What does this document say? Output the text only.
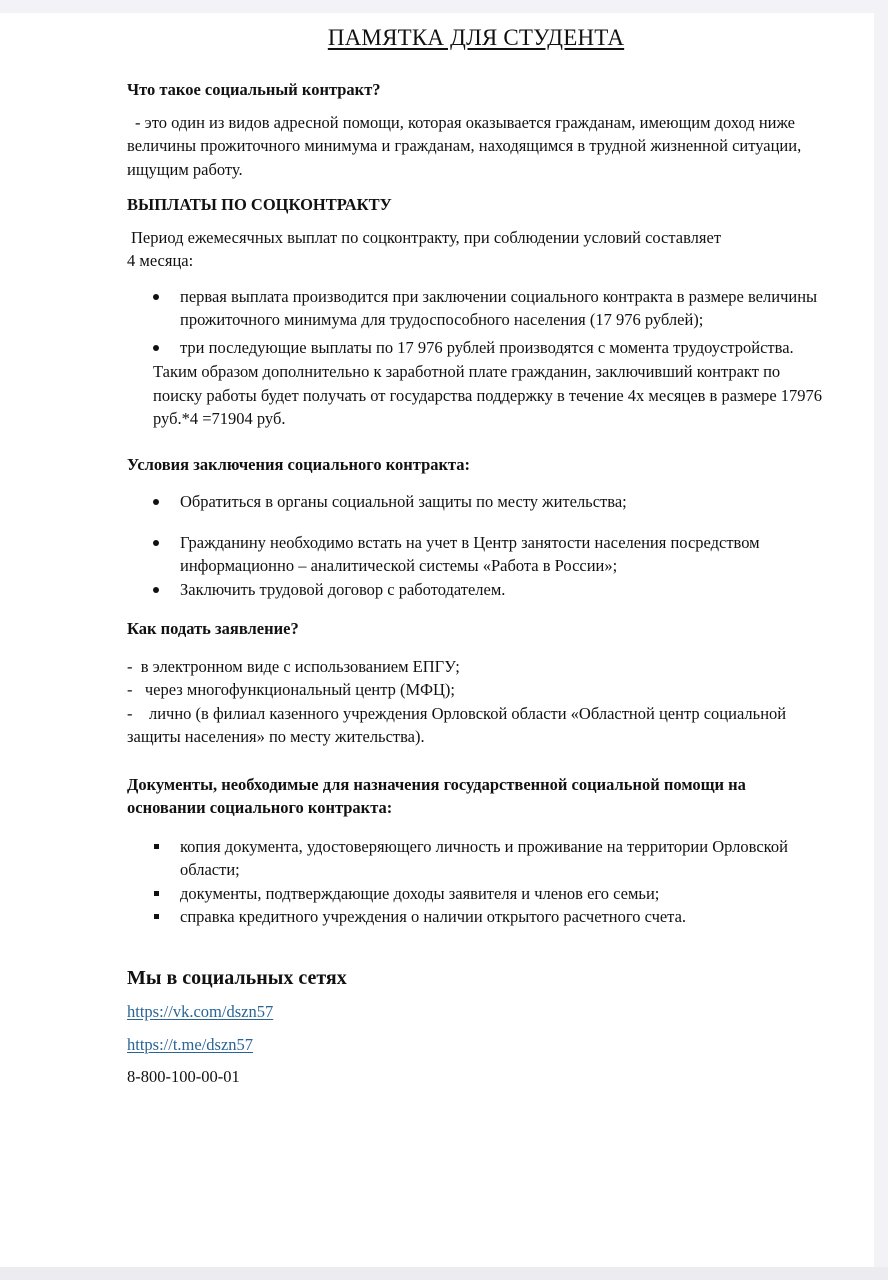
ПАМЯТКА ДЛЯ СТУДЕНТА

Что такое социальный контракт?

- это один из видов адресной помощи, которая оказывается гражданам, имеющим доход ниже величины прожиточного минимума и гражданам, находящимся в трудной жизненной ситуации, ищущим работу.

ВЫПЛАТЫ ПО СОЦКОНТРАКТУ

Период ежемесячных выплат по соцконтракту, при соблюдении условий составляет

4 месяца:

первая выплата производится при заключении социального контракта в размере величины прожиточного минимума для трудоспособного населения (17 976 рублей);
три последующие выплаты по 17 976 рублей производятся с момента трудоустройства.

Таким образом дополнительно к заработной плате гражданин, заключивший контракт по поиску работы будет получать от государства поддержку в течение 4х месяцев в размере 17976 руб.*4 =71904 руб.

Условия заключения социального контракта:

Обратиться в органы социальной защиты по месту жительства;
Гражданину необходимо встать на учет в Центр занятости населения посредством информационно – аналитической системы «Работа в России»;
Заключить трудовой договор с работодателем.

Как подать заявление?

-  в электронном виде с использованием ЕПГУ;

-   через многофункциональный центр (МФЦ);

-    лично (в филиал казенного учреждения Орловской области «Областной центр социальной защиты населения» по месту жительства).

Документы, необходимые для назначения государственной социальной помощи на основании социального контракта:

копия документа, удостоверяющего личность и проживание на территории Орловской области;
документы, подтверждающие доходы заявителя и членов его семьи;
справка кредитного учреждения о наличии открытого расчетного счета.

Мы в социальных сетях

https://vk.com/dszn57

https://t.me/dszn57

8-800-100-00-01
